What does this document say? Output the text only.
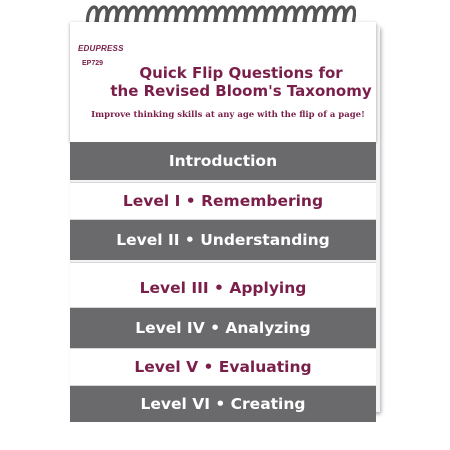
EDUPRESS
EP729
Quick Flip Questions for
the Revised Bloom's Taxonomy
Improve thinking skills at any age with the flip of a page!
Introduction
Level I • Remembering
Level II • Understanding
Level III • Applying
Level IV • Analyzing
Level V • Evaluating
Level VI • Creating
